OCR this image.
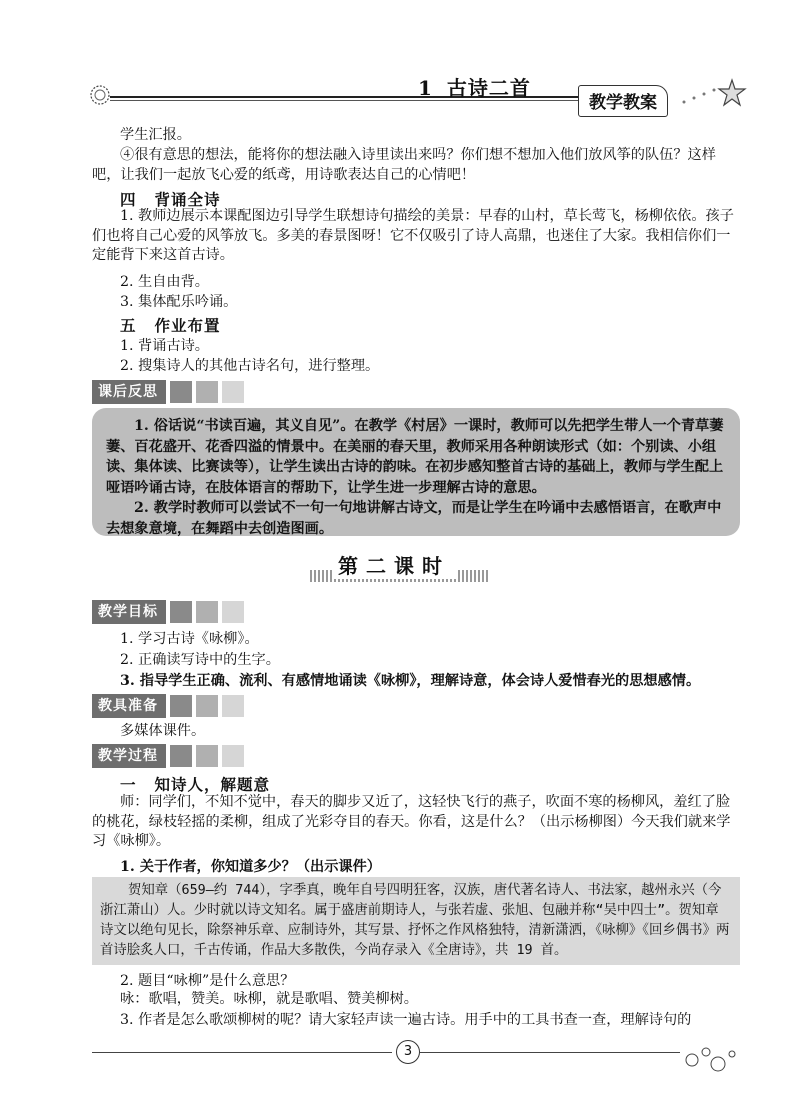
1 古诗二首
教学教案

学生汇报。

④很有意思的想法，能将你的想法融入诗里读出来吗？你们想不想加入他们放风筝的队伍？这样吧，让我们一起放飞心爱的纸鸢，用诗歌表达自己的心情吧！

四 背诵全诗

1. 教师边展示本课配图边引导学生联想诗句描绘的美景：早春的山村，草长莺飞，杨柳依依。孩子们也将自己心爱的风筝放飞。多美的春景图呀！它不仅吸引了诗人高鼎，也迷住了大家。我相信你们一定能背下来这首古诗。

2. 生自由背。

3. 集体配乐吟诵。

五 作业布置

1. 背诵古诗。

2. 搜集诗人的其他古诗名句，进行整理。

课后反思

1. 俗话说“书读百遍，其义自见”。在教学《村居》一课时，教师可以先把学生带人一个青草萋萋、百花盛开、花香四溢的情景中。在美丽的春天里，教师采用各种朗读形式（如：个别读、小组读、集体读、比赛读等），让学生读出古诗的韵味。在初步感知整首古诗的基础上，教师与学生配上哑语吟诵古诗，在肢体语言的帮助下，让学生进一步理解古诗的意思。

2. 教学时教师可以尝试不一句一句地讲解古诗文，而是让学生在吟诵中去感悟语言，在歌声中去想象意境，在舞蹈中去创造图画。

第二课时
教学目标

1. 学习古诗《咏柳》。

2. 正确读写诗中的生字。

3. 指导学生正确、流利、有感情地诵读《咏柳》，理解诗意，体会诗人爱惜春光的思想感情。

教具准备

多媒体课件。

教学过程

一 知诗人，解题意

师：同学们，不知不觉中，春天的脚步又近了，这轻快飞行的燕子，吹面不寒的杨柳风，羞红了脸的桃花，绿枝轻摇的柔柳，组成了光彩夺目的春天。你看，这是什么？（出示杨柳图）今天我们就来学习《咏柳》。

1. 关于作者，你知道多少？（出示课件）

贺知章（659—约 744），字季真，晚年自号四明狂客，汉族，唐代著名诗人、书法家，越州永兴（今浙江萧山）人。少时就以诗文知名。属于盛唐前期诗人，与张若虚、张旭、包融并称“吴中四士”。贺知章诗文以绝句见长，除祭神乐章、应制诗外，其写景、抒怀之作风格独特，清新潇洒，《咏柳》《回乡偶书》两首诗脍炙人口，千古传诵，作品大多散佚，今尚存录入《全唐诗》，共 19 首。

2. 题目“咏柳”是什么意思？

咏：歌唱，赞美。咏柳，就是歌唱、赞美柳树。

3. 作者是怎么歌颂柳树的呢？请大家轻声读一遍古诗。用手中的工具书查一查，理解诗句的

3
